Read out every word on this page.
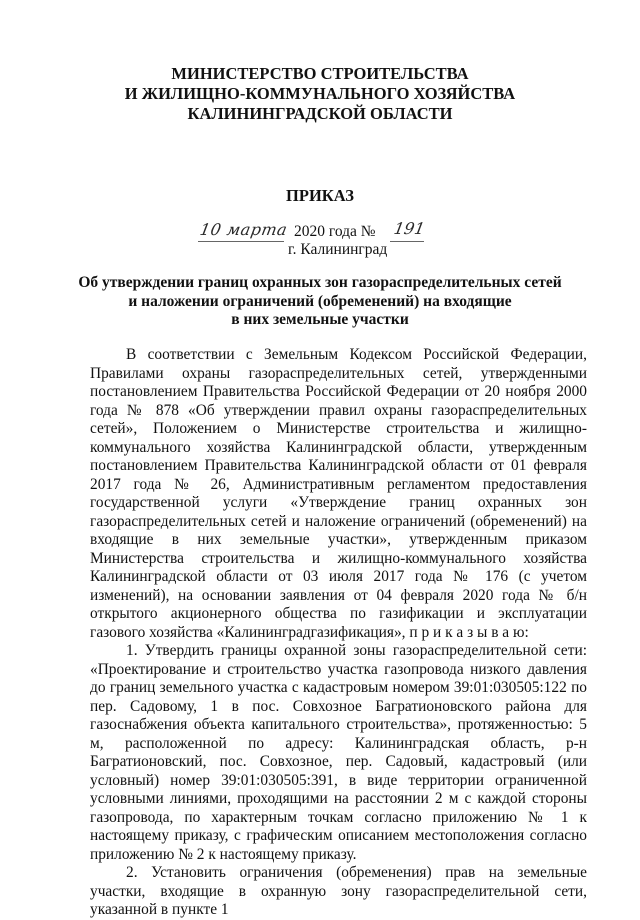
МИНИСТЕРСТВО СТРОИТЕЛЬСТВА
И ЖИЛИЩНО-КОММУНАЛЬНОГО ХОЗЯЙСТВА
КАЛИНИНГРАДСКОЙ ОБЛАСТИ
ПРИКАЗ
10 марта 2020 года № 191
г. Калининград
Об утверждении границ охранных зон газораспределительных сетей
и наложении ограничений (обременений) на входящие
в них земельные участки

В соответствии с Земельным Кодексом Российской Федерации, Правилами охраны газораспределительных сетей, утвержденными постановлением Правительства Российской Федерации от 20 ноября 2000 года № 878 «Об утверждении правил охраны газораспределительных сетей», Положением о Министерстве строительства и жилищно-коммунального хозяйства Калининградской области, утвержденным постановлением Правительства Калининградской области от 01 февраля 2017 года № 26, Административным регламентом предоставления государственной услуги «Утверждение границ охранных зон газораспределительных сетей и наложение ограничений (обременений) на входящие в них земельные участки», утвержденным приказом Министерства строительства и жилищно-коммунального хозяйства Калининградской области от 03 июля 2017 года № 176 (с учетом изменений), на основании заявления от 04 февраля 2020 года № б/н открытого акционерного общества по газификации и эксплуатации газового хозяйства «Калининградгазификация», п р и к а з ы в а ю:

1. Утвердить границы охранной зоны газораспределительной сети: «Проектирование и строительство участка газопровода низкого давления до границ земельного участка с кадастровым номером 39:01:030505:122 по пер. Садовому, 1 в пос. Совхозное Багратионовского района для газоснабжения объекта капитального строительства», протяженностью: 5 м, расположенной по адресу: Калининградская область, р-н Багратионовский, пос. Совхозное, пер. Садовый, кадастровый (или условный) номер 39:01:030505:391, в виде территории ограниченной условными линиями, проходящими на расстоянии 2 м с каждой стороны газопровода, по характерным точкам согласно приложению № 1 к настоящему приказу, с графическим описанием местоположения согласно приложению № 2 к настоящему приказу.

2. Установить ограничения (обременения) прав на земельные участки, входящие в охранную зону газораспределительной сети, указанной в пункте 1
